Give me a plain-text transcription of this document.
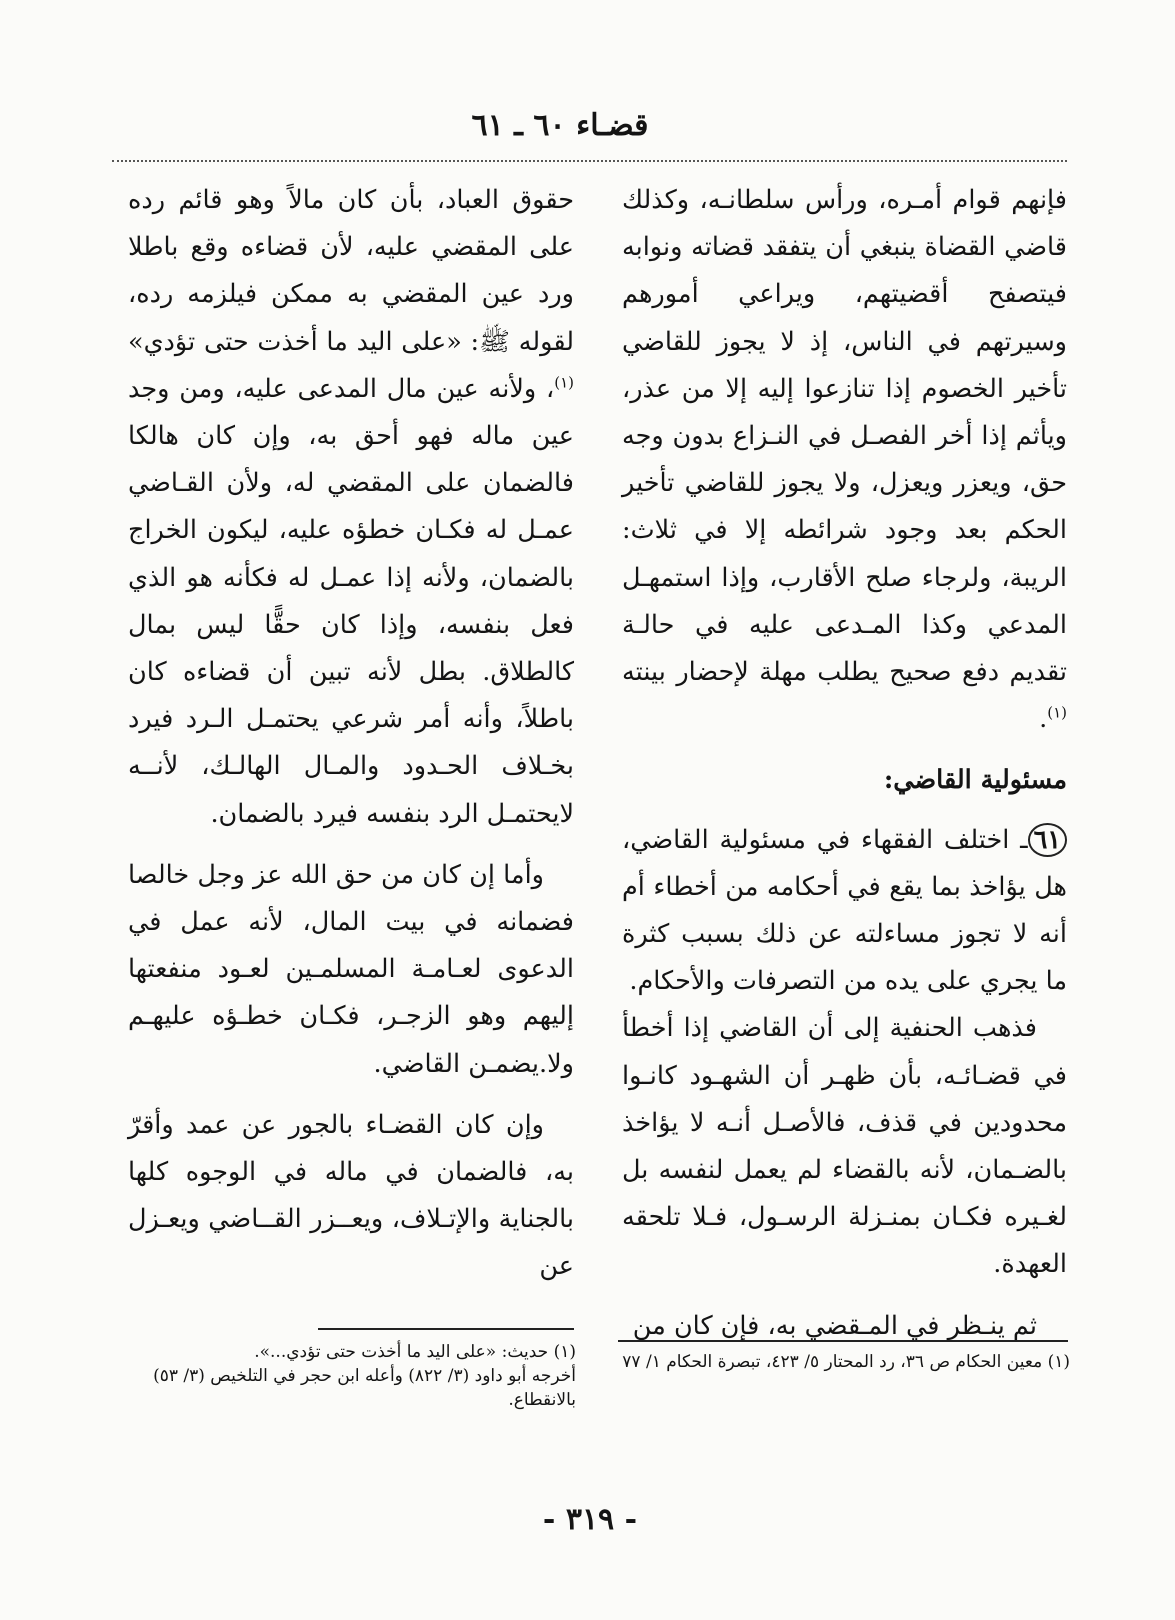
قضـاء ٦٠ ـ ٦١

فإنهم قوام أمـره، ورأس سلطانـه، وكذلك قاضي القضاة ينبغي أن يتفقد قضاته ونوابه فيتصفح أقضيتهم، ويراعي أمورهم وسيرتهم في الناس، إذ لا يجوز للقاضي تأخير الخصوم إذا تنازعوا إليه إلا من عذر، ويأثم إذا أخر الفصـل في النـزاع بدون وجه حق، ويعزر ويعزل، ولا يجوز للقاضي تأخير الحكم بعد وجود شرائطه إلا في ثلاث: الريبة، ولرجاء صلح الأقارب، وإذا استمهـل المدعي وكذا المـدعى عليه في حالـة تقديم دفع صحيح يطلب مهلة لإحضار بينته $^{(١)}$.

مسئولية القاضي:

٦١ـ اختلف الفقهاء في مسئولية القاضي، هل يؤاخذ بما يقع في أحكامه من أخطاء أم أنه لا تجوز مساءلته عن ذلك بسبب كثرة ما يجري على يده من التصرفات والأحكام.

فذهب الحنفية إلى أن القاضي إذا أخطأ في قضـائـه، بأن ظهـر أن الشهـود كانـوا محدودين في قذف، فالأصـل أنـه لا يؤاخذ بالضـمان، لأنه بالقضاء لم يعمل لنفسه بل لغـيره فكـان بمنـزلة الرسـول، فـلا تلحقه العهدة.

ثم ينـظر في المـقضي به، فإن كان من

حقوق العباد، بأن كان مالاً وهو قائم رده على المقضي عليه، لأن قضاءه وقع باطلا ورد عين المقضي به ممكن فيلزمه رده، لقوله ﷺ: «على اليد ما أخذت حتى تؤدي» $^{(١)}$، ولأنه عين مال المدعى عليه، ومن وجد عين ماله فهو أحق به، وإن كان هالكا فالضمان على المقضي له، ولأن القـاضي عمـل له فكـان خطؤه عليه، ليكون الخراج بالضمان، ولأنه إذا عمـل له فكأنه هو الذي فعل بنفسه، وإذا كان حقًّا ليس بمال كالطلاق. بطل لأنه تبين أن قضاءه كان باطلاً، وأنه أمر شرعي يحتمـل الـرد فيرد بخـلاف الحـدود والمـال الهالـك، لأنــه لايحتمـل الرد بنفسه فيرد بالضمان.

وأما إن كان من حق الله عز وجل خالصا فضمانه في بيت المال، لأنه عمل في الدعوى لعـامـة المسلمـين لعـود منفعتها إليهم وهو الزجـر، فكـان خطـؤه عليهـم ولا.يضمـن القاضي.

وإن كان القضـاء بالجور عن عمد وأقرّ به، فالضمان في ماله في الوجوه كلها بالجناية والإتـلاف، ويعــزر القــاضي ويعـزل عن

(١) معين الحكام ص ٣٦، رد المحتار ٥/ ٤٢٣، تبصرة الحكام ١/ ٧٧

(١) حديث: «على اليد ما أخذت حتى تؤدي...».

أخرجه أبو داود (٣/ ٨٢٢) وأعله ابن حجر في التلخيص (٣/ ٥٣) بالانقطاع.

- ٣١٩ -
